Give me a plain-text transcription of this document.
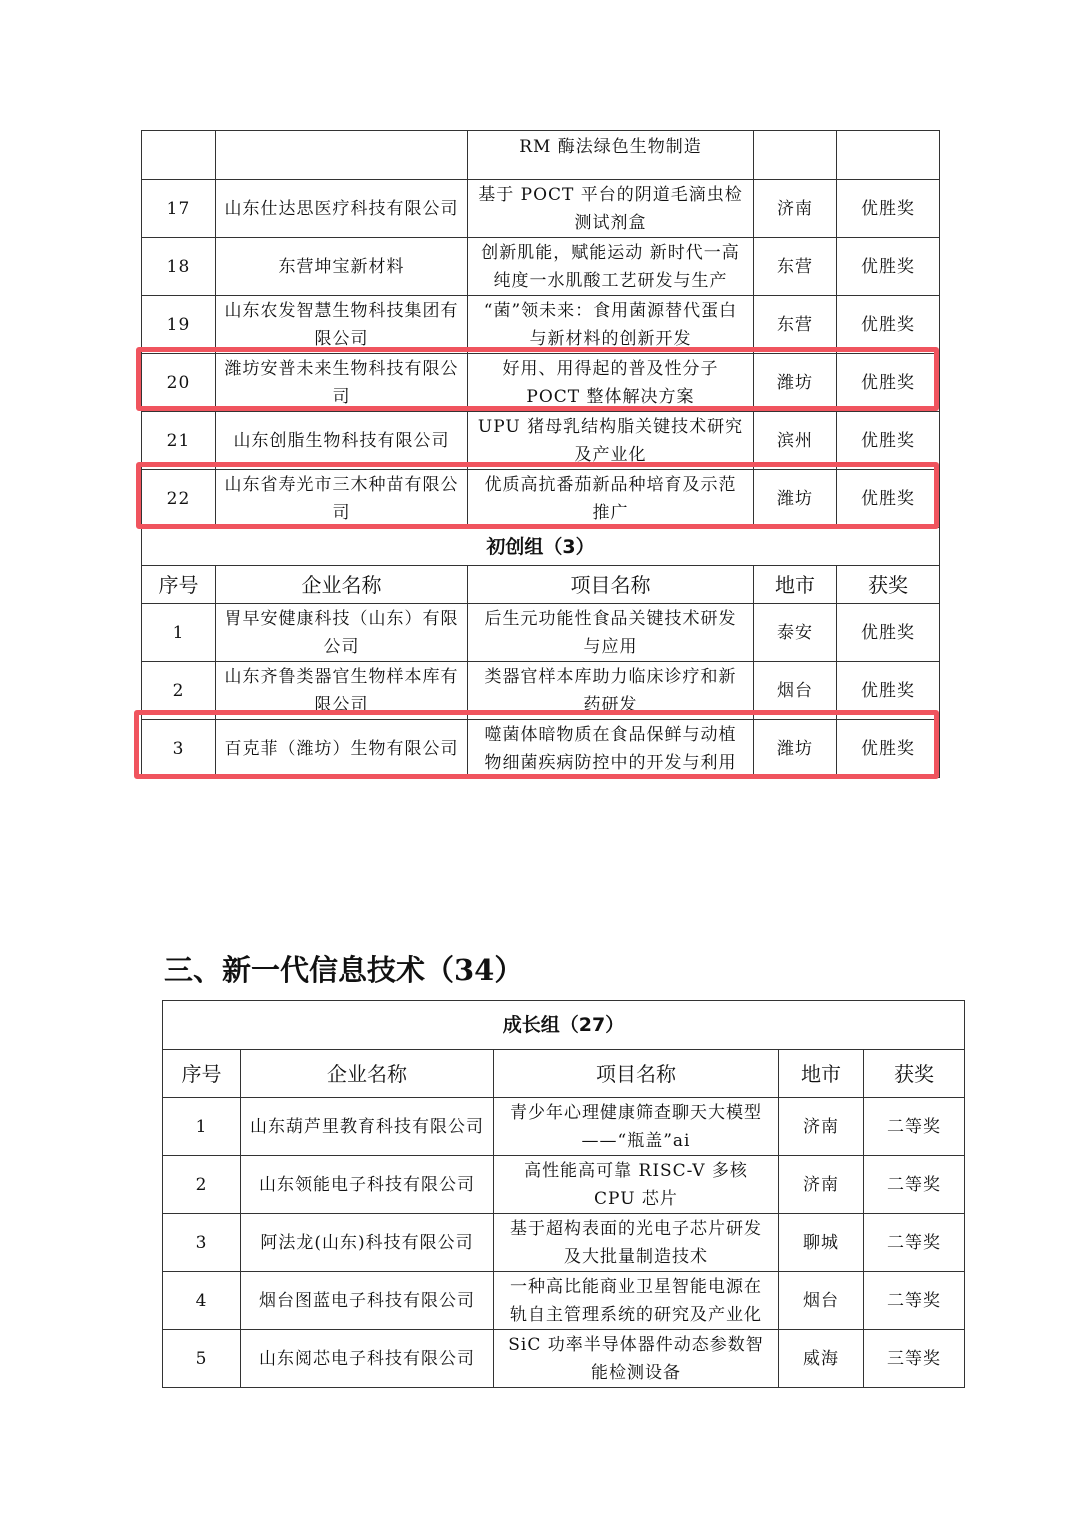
		RM 酶法绿色生物制造		
17	山东仕达思医疗科技有限公司	基于 POCT 平台的阴道毛滴虫检测试剂盒	济南	优胜奖
18	东营坤宝新材料	创新肌能，赋能运动 新时代一高纯度一水肌酸工艺研发与生产	东营	优胜奖
19	山东农发智慧生物科技集团有限公司	“菌”领未来：食用菌源替代蛋白与新材料的创新开发	东营	优胜奖
20	潍坊安普未来生物科技有限公司	好用、用得起的普及性分子 POCT 整体解决方案	潍坊	优胜奖
21	山东创脂生物科技有限公司	UPU 猪母乳结构脂关键技术研究及产业化	滨州	优胜奖
22	山东省寿光市三木种苗有限公司	优质高抗番茄新品种培育及示范推广	潍坊	优胜奖
初创组（3）				
序号	企业名称	项目名称	地市	获奖
1	胃早安健康科技（山东）有限公司	后生元功能性食品关键技术研发与应用	泰安	优胜奖
2	山东齐鲁类器官生物样本库有限公司	类器官样本库助力临床诊疗和新药研发	烟台	优胜奖
3	百克菲（潍坊）生物有限公司	噬菌体暗物质在食品保鲜与动植物细菌疾病防控中的开发与利用	潍坊	优胜奖
三、新一代信息技术（34）
成长组（27）				
序号	企业名称	项目名称	地市	获奖
1	山东葫芦里教育科技有限公司	青少年心理健康筛查聊天大模型——“瓶盖”ai	济南	二等奖
2	山东领能电子科技有限公司	高性能高可靠 RISC-V 多核 CPU 芯片	济南	二等奖
3	阿法龙(山东)科技有限公司	基于超构表面的光电子芯片研发及大批量制造技术	聊城	二等奖
4	烟台图蓝电子科技有限公司	一种高比能商业卫星智能电源在轨自主管理系统的研究及产业化	烟台	二等奖
5	山东阅芯电子科技有限公司	SiC 功率半导体器件动态参数智能检测设备	威海	三等奖
